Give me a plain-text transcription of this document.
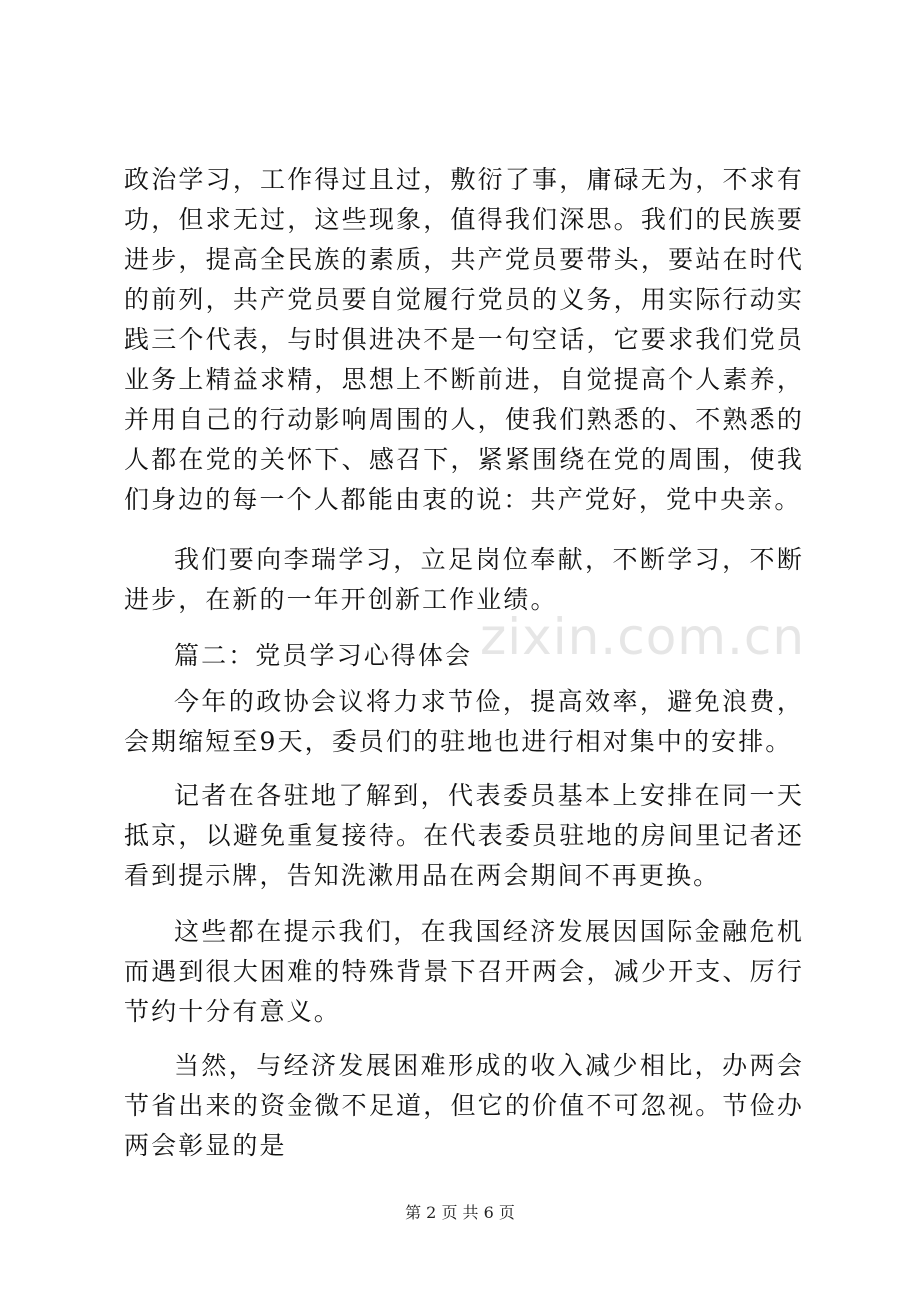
zixin.com.cn

政治学习，工作得过且过，敷衍了事，庸碌无为，不求有功，但求无过，这些现象，值得我们深思。我们的民族要进步，提高全民族的素质，共产党员要带头，要站在时代的前列，共产党员要自觉履行党员的义务，用实际行动实践三个代表，与时俱进决不是一句空话，它要求我们党员业务上精益求精，思想上不断前进，自觉提高个人素养，并用自己的行动影响周围的人，使我们熟悉的、不熟悉的人都在党的关怀下、感召下，紧紧围绕在党的周围，使我们身边的每一个人都能由衷的说：共产党好，党中央亲。

我们要向李瑞学习，立足岗位奉献，不断学习，不断进步，在新的一年开创新工作业绩。

篇二：党员学习心得体会

今年的政协会议将力求节俭，提高效率，避免浪费，会期缩短至9天，委员们的驻地也进行相对集中的安排。

记者在各驻地了解到，代表委员基本上安排在同一天抵京，以避免重复接待。在代表委员驻地的房间里记者还看到提示牌，告知洗漱用品在两会期间不再更换。

这些都在提示我们，在我国经济发展因国际金融危机而遇到很大困难的特殊背景下召开两会，减少开支、厉行节约十分有意义。

当然，与经济发展困难形成的收入减少相比，办两会节省出来的资金微不足道，但它的价值不可忽视。节俭办两会彰显的是

第 2 页 共 6 页
